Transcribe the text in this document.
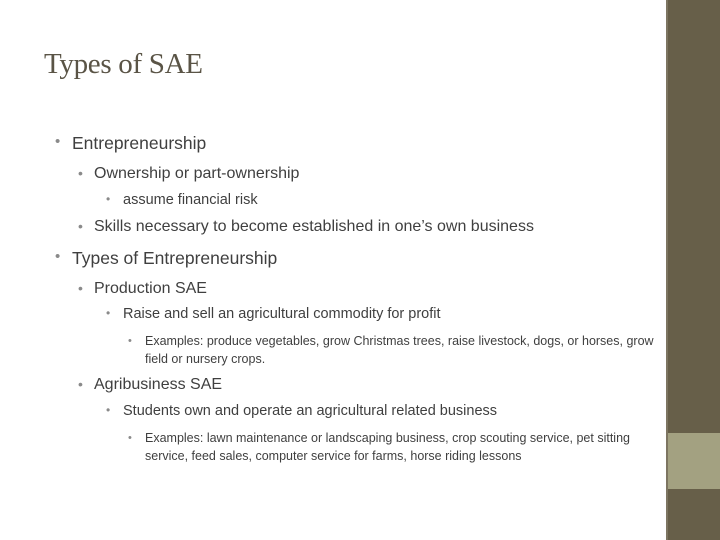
Types of SAE
• Entrepreneurship
• Ownership or part-ownership
• assume financial risk
• Skills necessary to become established in one’s own business
• Types of Entrepreneurship
• Production SAE
• Raise and sell an agricultural commodity for profit
• Examples: produce vegetables, grow Christmas trees, raise livestock, dogs, or horses, grow field or nursery crops.
• Agribusiness SAE
• Students own and operate an agricultural related business
• Examples: lawn maintenance or landscaping business, crop scouting service, pet sitting service, feed sales, computer service for farms, horse riding lessons
